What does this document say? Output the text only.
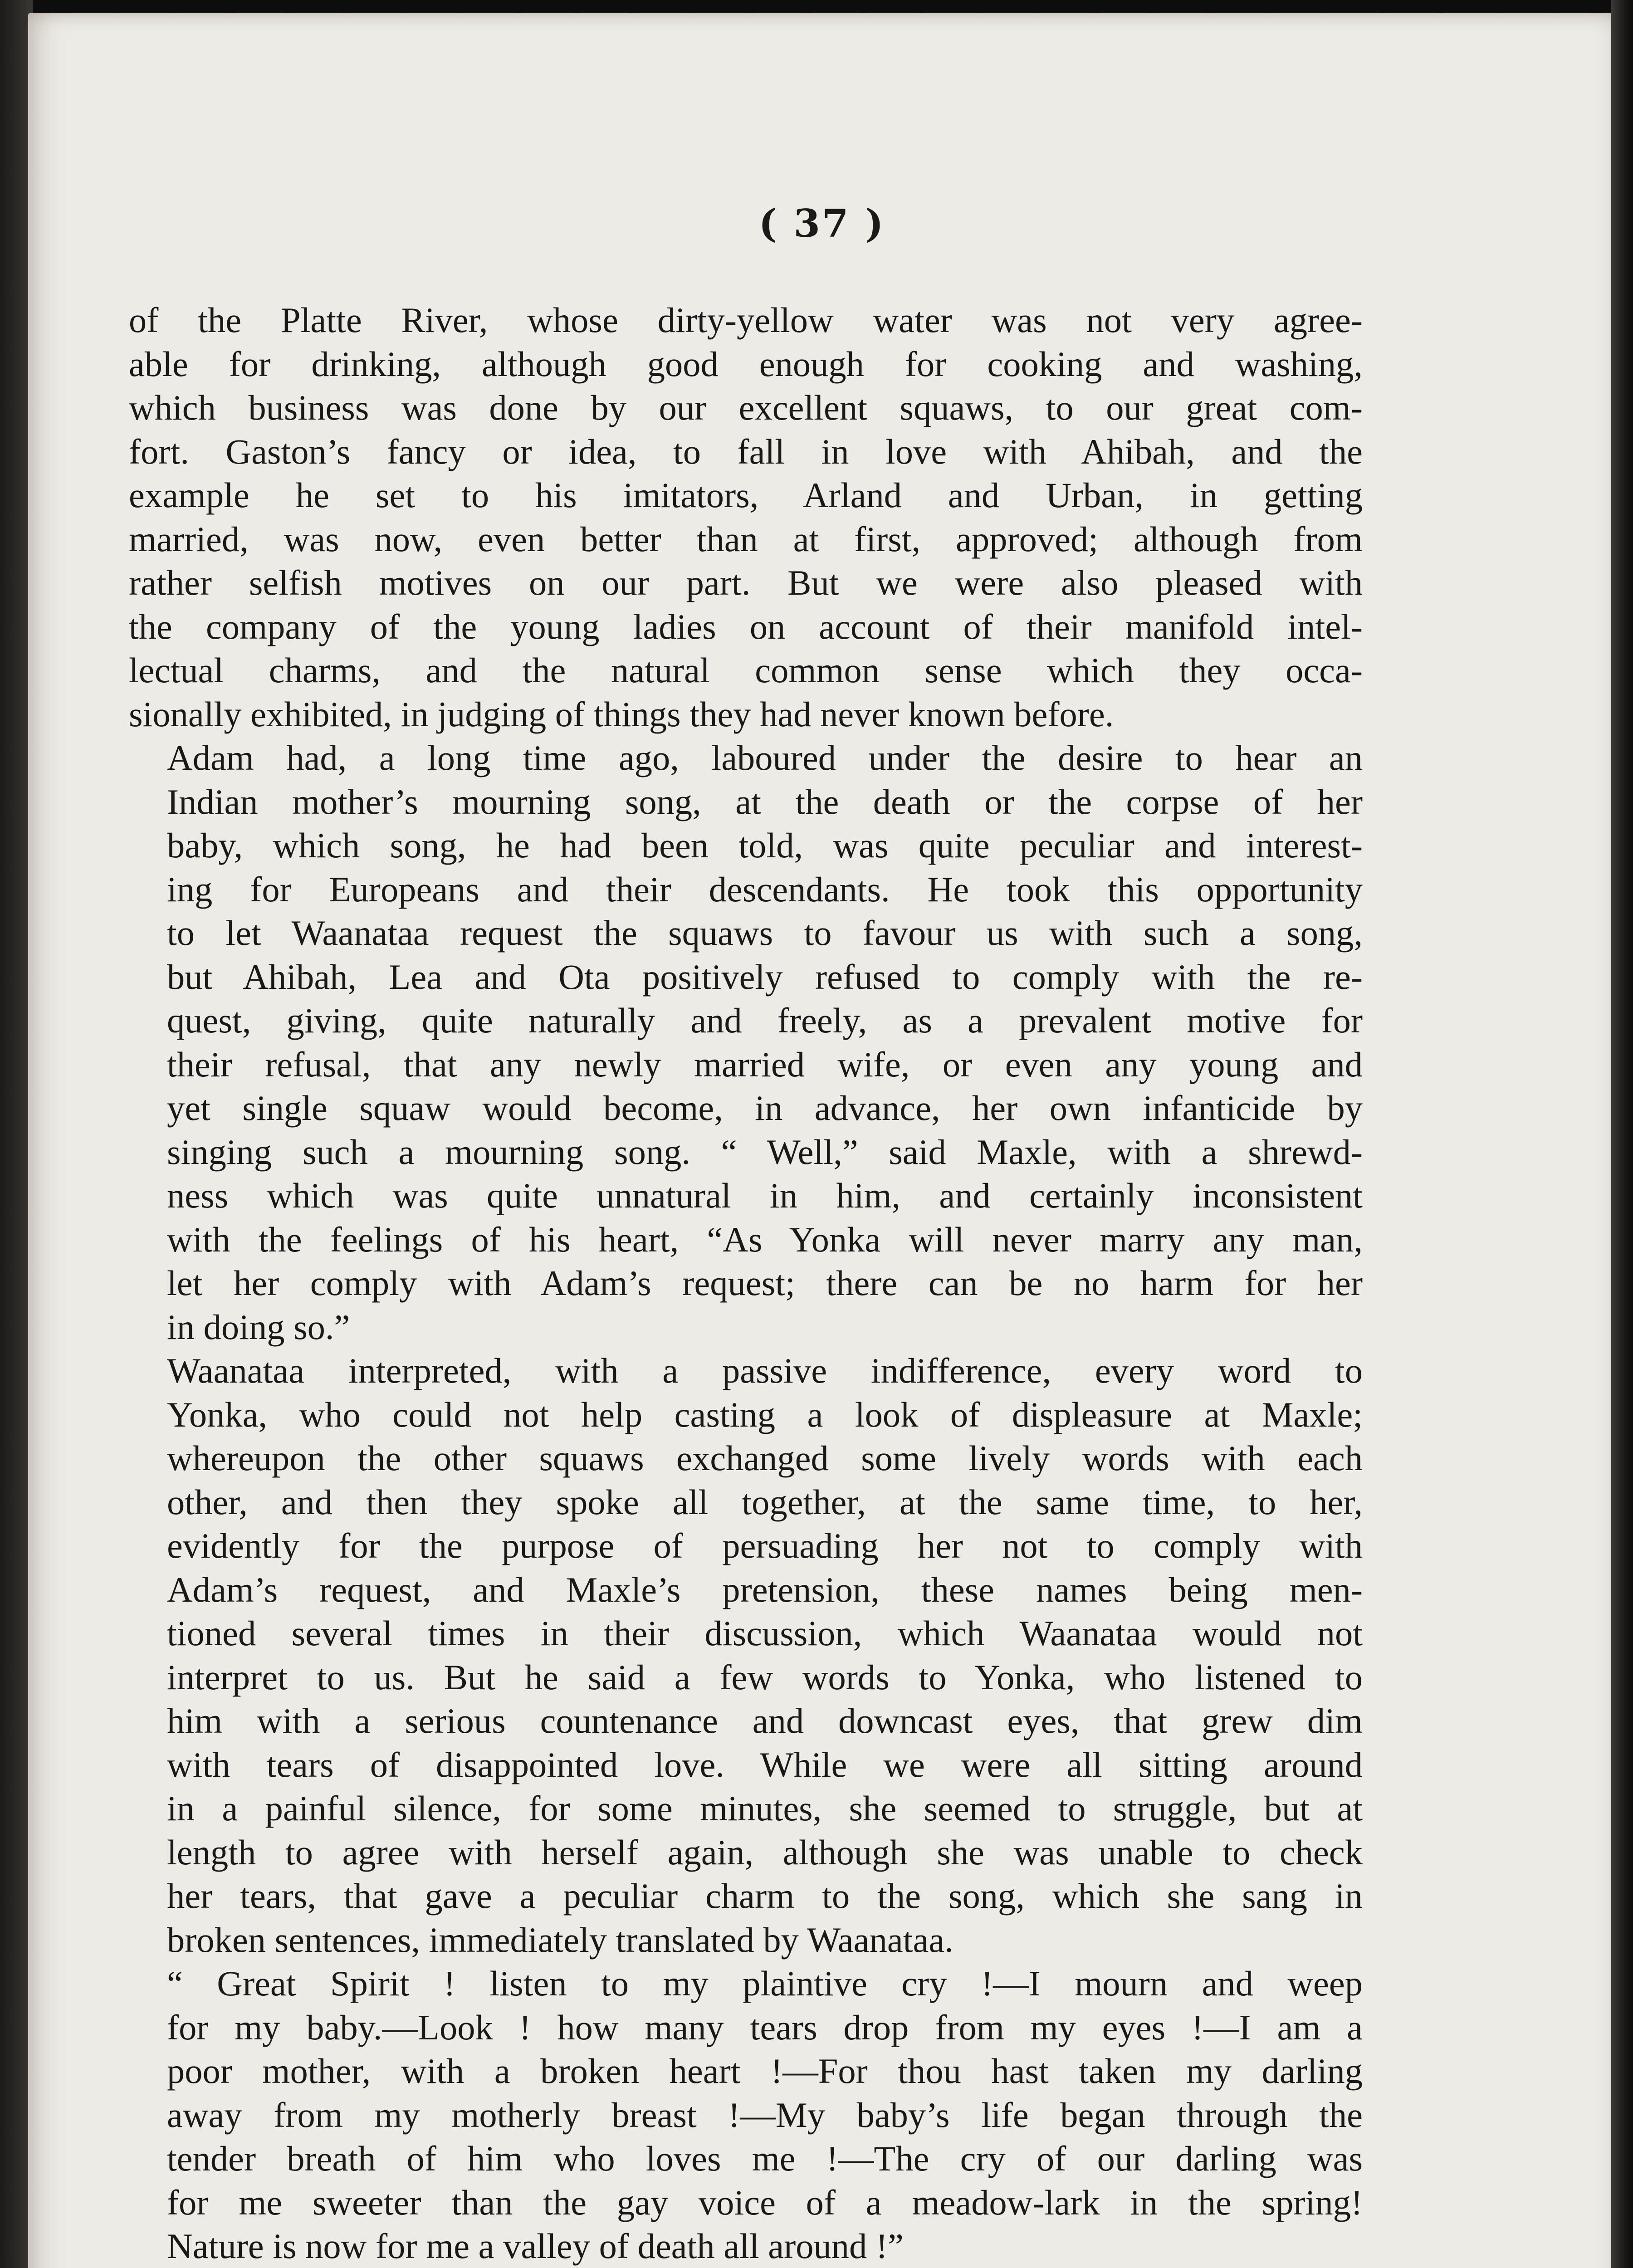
( 37 )

of the Platte River, whose dirty-yellow water was not very agree-
able for drinking, although good enough for cooking and washing,
which business was done by our excellent squaws, to our great com-
fort. Gaston’s fancy or idea, to fall in love with Ahibah, and the
example he set to his imitators, Arland and Urban, in getting
married, was now, even better than at first, approved; although from
rather selfish motives on our part. But we were also pleased with
the company of the young ladies on account of their manifold intel-
lectual charms, and the natural common sense which they occa-
sionally exhibited, in judging of things they had never known before.

Adam had, a long time ago, laboured under the desire to hear an
Indian mother’s mourning song, at the death or the corpse of her
baby, which song, he had been told, was quite peculiar and interest-
ing for Europeans and their descendants. He took this opportunity
to let Waanataa request the squaws to favour us with such a song,
but Ahibah, Lea and Ota positively refused to comply with the re-
quest, giving, quite naturally and freely, as a prevalent motive for
their refusal, that any newly married wife, or even any young and
yet single squaw would become, in advance, her own infanticide by
singing such a mourning song. “ Well,” said Maxle, with a shrewd-
ness which was quite unnatural in him, and certainly inconsistent
with the feelings of his heart, “As Yonka will never marry any man,
let her comply with Adam’s request; there can be no harm for her
in doing so.”

Waanataa interpreted, with a passive indifference, every word to
Yonka, who could not help casting a look of displeasure at Maxle;
whereupon the other squaws exchanged some lively words with each
other, and then they spoke all together, at the same time, to her,
evidently for the purpose of persuading her not to comply with
Adam’s request, and Maxle’s pretension, these names being men-
tioned several times in their discussion, which Waanataa would not
interpret to us. But he said a few words to Yonka, who listened to
him with a serious countenance and downcast eyes, that grew dim
with tears of disappointed love. While we were all sitting around
in a painful silence, for some minutes, she seemed to struggle, but at
length to agree with herself again, although she was unable to check
her tears, that gave a peculiar charm to the song, which she sang in
broken sentences, immediately translated by Waanataa.

“ Great Spirit ! listen to my plaintive cry !—I mourn and weep
for my baby.—Look ! how many tears drop from my eyes !—I am a
poor mother, with a broken heart !—For thou hast taken my darling
away from my motherly breast !—My baby’s life began through the
tender breath of him who loves me !—The cry of our darling was
for me sweeter than the gay voice of a meadow-lark in the spring!
Nature is now for me a valley of death all around !”
